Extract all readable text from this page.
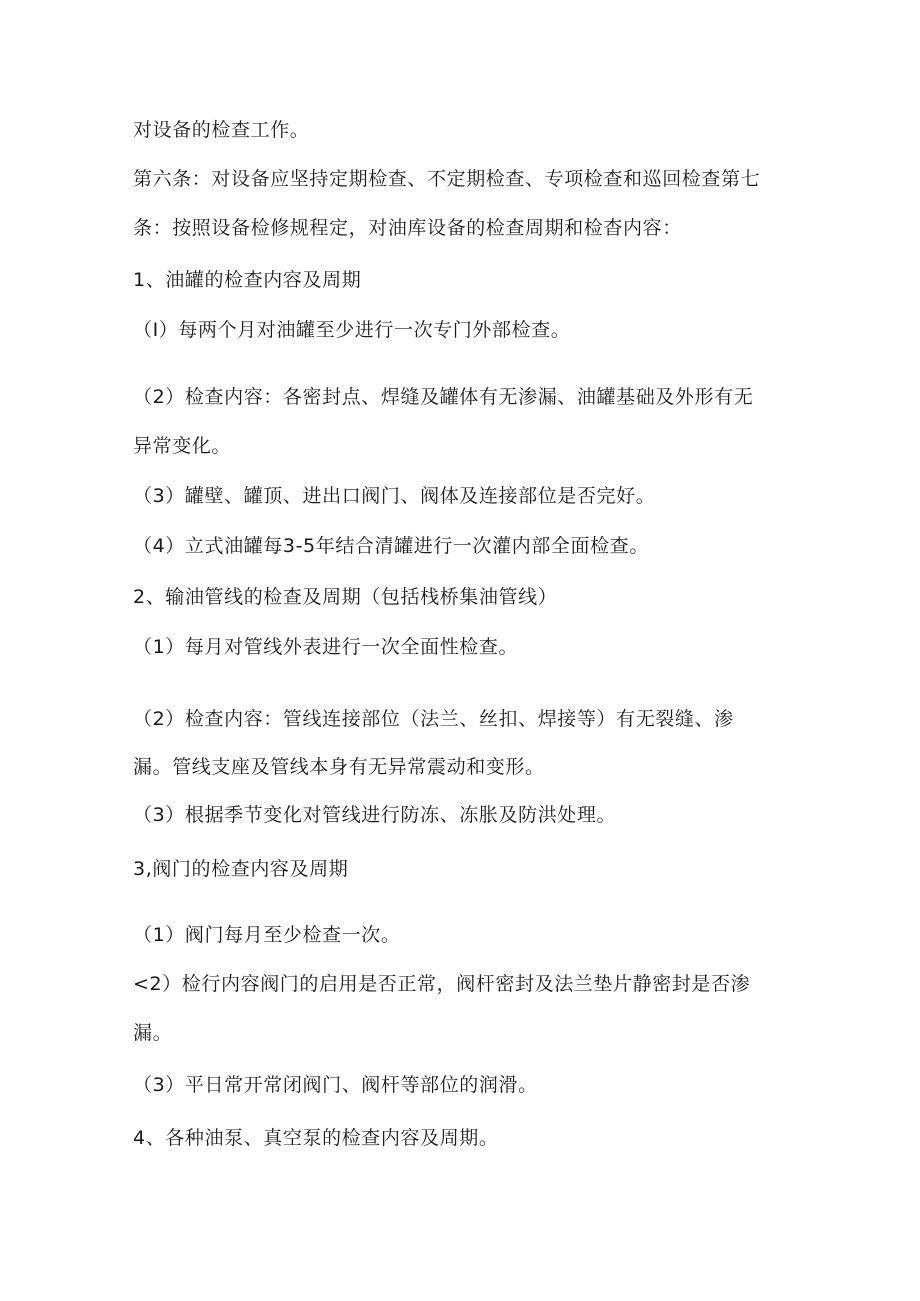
对设备的检查工作。
第六条：对设备应坚持定期检查、不定期检查、专项检查和巡回检查第七
条：按照设备检修规程定，对油库设备的检查周期和检杳内容：
1、油罐的检查内容及周期
（I）每两个月对油罐至少进行一次专门外部检查。
（2）检查内容：各密封点、焊缝及罐体有无渗漏、油罐基础及外形有无
异常变化。
（3）罐壁、罐顶、进出口阀门、阀体及连接部位是否完好。
（4）立式油罐每3-5年结合清罐进行一次灌内部全面检查。
2、输油管线的检查及周期（包括栈桥集油管线）
（1）每月对管线外表进行一次全面性检查。
（2）检查内容：管线连接部位（法兰、丝扣、焊接等）有无裂缝、渗
漏。管线支座及管线本身有无异常震动和变形。
（3）根据季节变化对管线进行防冻、冻胀及防洪处理。
3,阀门的检查内容及周期
（1）阀门每月至少检查一次。
<2）检行内容阀门的启用是否正常，阀杆密封及法兰垫片静密封是否渗
漏。
（3）平日常开常闭阀门、阀杆等部位的润滑。
4、各种油泵、真空泵的检查内容及周期。
